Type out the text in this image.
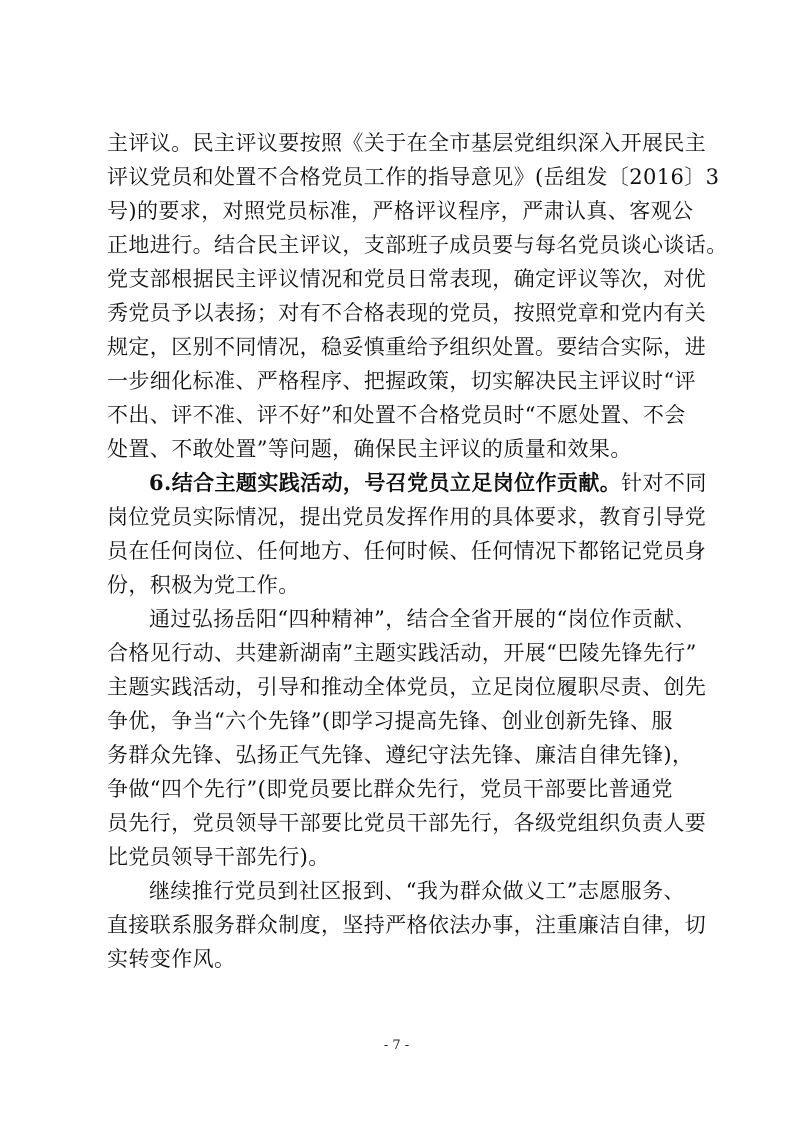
主评议。民主评议要按照《关于在全市基层党组织深入开展民主
评议党员和处置不合格党员工作的指导意见》(岳组发〔2016〕3
号)的要求，对照党员标准，严格评议程序，严肃认真、客观公
正地进行。结合民主评议，支部班子成员要与每名党员谈心谈话。
党支部根据民主评议情况和党员日常表现，确定评议等次，对优
秀党员予以表扬；对有不合格表现的党员，按照党章和党内有关
规定，区别不同情况，稳妥慎重给予组织处置。要结合实际，进
一步细化标准、严格程序、把握政策，切实解决民主评议时“评
不出、评不准、评不好”和处置不合格党员时“不愿处置、不会
处置、不敢处置”等问题，确保民主评议的质量和效果。
6.结合主题实践活动，号召党员立足岗位作贡献。针对不同
岗位党员实际情况，提出党员发挥作用的具体要求，教育引导党
员在任何岗位、任何地方、任何时候、任何情况下都铭记党员身
份，积极为党工作。
通过弘扬岳阳“四种精神”，结合全省开展的“岗位作贡献、
合格见行动、共建新湖南”主题实践活动，开展“巴陵先锋先行”
主题实践活动，引导和推动全体党员，立足岗位履职尽责、创先
争优，争当“六个先锋”(即学习提高先锋、创业创新先锋、服
务群众先锋、弘扬正气先锋、遵纪守法先锋、廉洁自律先锋)，
争做“四个先行”(即党员要比群众先行，党员干部要比普通党
员先行，党员领导干部要比党员干部先行，各级党组织负责人要
比党员领导干部先行)。
继续推行党员到社区报到、“我为群众做义工”志愿服务、
直接联系服务群众制度，坚持严格依法办事，注重廉洁自律，切
实转变作风。
- 7 -
